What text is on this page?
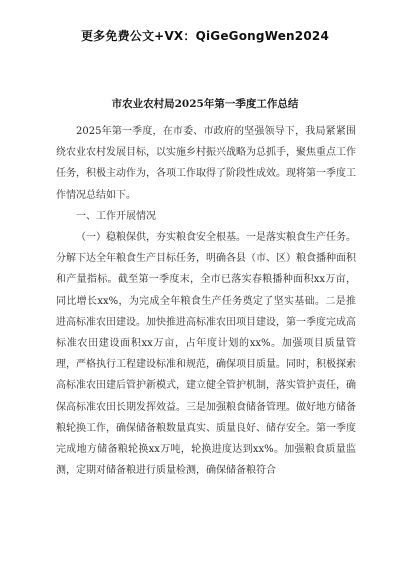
更多免费公文+VX：QiGeGongWen2024
市农业农村局2025年第一季度工作总结

2025年第一季度，在市委、市政府的坚强领导下，我局紧紧围绕农业农村发展目标，以实施乡村振兴战略为总抓手，聚焦重点工作任务，积极主动作为，各项工作取得了阶段性成效。现将第一季度工作情况总结如下。

一、工作开展情况

（一）稳粮保供，夯实粮食安全根基。一是落实粮食生产任务。分解下达全年粮食生产目标任务，明确各县（市、区）粮食播种面积和产量指标。截至第一季度末，全市已落实春粮播种面积xx万亩，同比增长xx%，为完成全年粮食生产任务奠定了坚实基础。二是推进高标准农田建设。加快推进高标准农田项目建设，第一季度完成高标准农田建设面积xx万亩，占年度计划的xx%。加强项目质量管理，严格执行工程建设标准和规范，确保项目质量。同时，积极探索高标准农田建后管护新模式，建立健全管护机制，落实管护责任，确保高标准农田长期发挥效益。三是加强粮食储备管理。做好地方储备粮轮换工作，确保储备粮数量真实、质量良好、储存安全。第一季度完成地方储备粮轮换xx万吨，轮换进度达到xx%。加强粮食质量监测，定期对储备粮进行质量检测，确保储备粮符合
